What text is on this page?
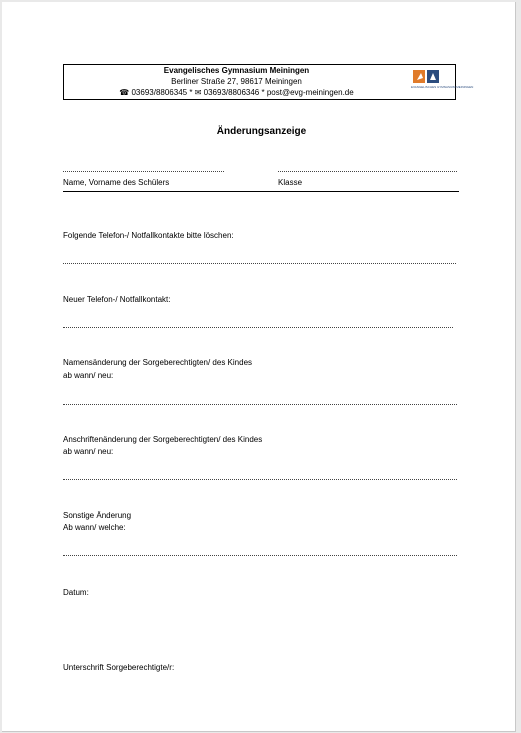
Evangelisches Gymnasium Meiningen
Berliner Straße 27, 98617 Meiningen
☎ 03693/8806345 * ✉ 03693/8806346 * post@evg-meiningen.de
EVANGELISCHES GYMNASIUM MEININGEN
Änderungsanzeige
Name, Vorname des Schülers	Klasse
Folgende Telefon-/ Notfallkontakte bitte löschen:
Neuer Telefon-/ Notfallkontakt:
Namensänderung der Sorgeberechtigten/ des Kindes
ab wann/ neu:
Anschriftenänderung der Sorgeberechtigten/ des Kindes
ab wann/ neu:
Sonstige Änderung
Ab wann/ welche:
Datum:
Unterschrift Sorgeberechtigte/r:
